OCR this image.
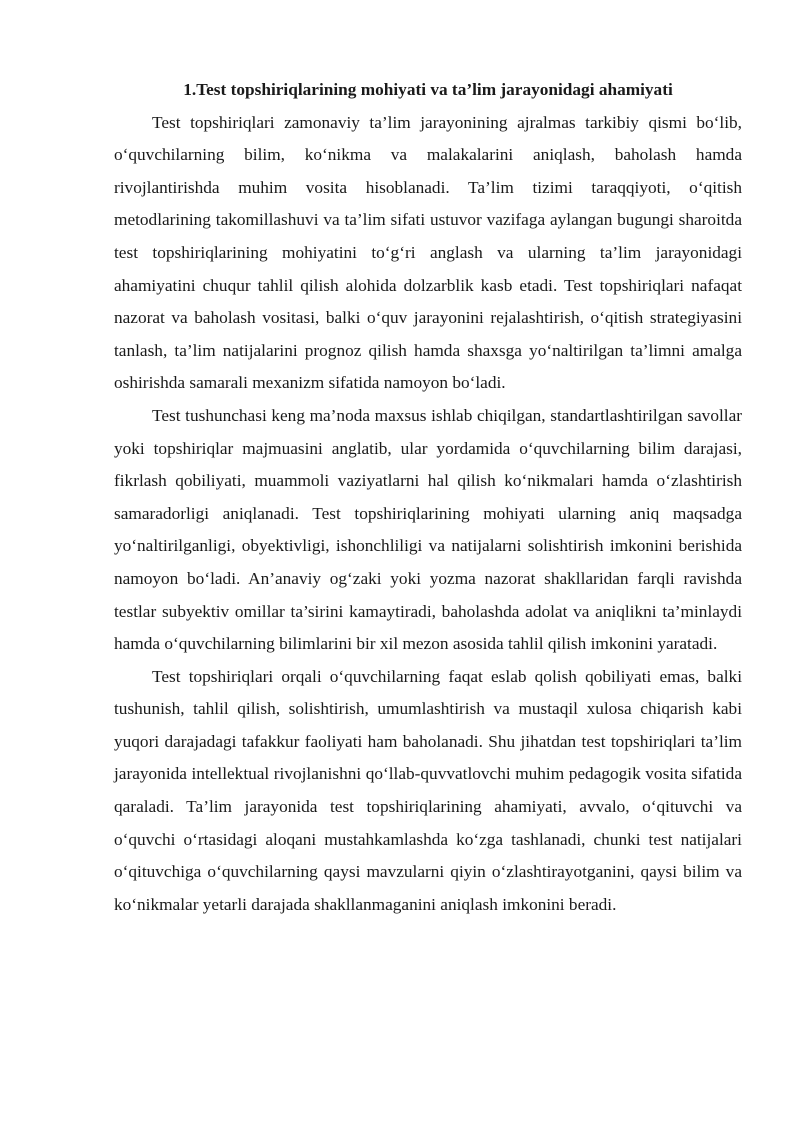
1.Test topshiriqlarining mohiyati va ta’lim jarayonidagi ahamiyati

Test topshiriqlari zamonaviy ta’lim jarayonining ajralmas tarkibiy qismi bo‘lib, o‘quvchilarning bilim, ko‘nikma va malakalarini aniqlash, baholash hamda rivojlantirishda muhim vosita hisoblanadi. Ta’lim tizimi taraqqiyoti, o‘qitish metodlarining takomillashuvi va ta’lim sifati ustuvor vazifaga aylangan bugungi sharoitda test topshiriqlarining mohiyatini to‘g‘ri anglash va ularning ta’lim jarayonidagi ahamiyatini chuqur tahlil qilish alohida dolzarblik kasb etadi. Test topshiriqlari nafaqat nazorat va baholash vositasi, balki o‘quv jarayonini rejalashtirish, o‘qitish strategiyasini tanlash, ta’lim natijalarini prognoz qilish hamda shaxsga yo‘naltirilgan ta’limni amalga oshirishda samarali mexanizm sifatida namoyon bo‘ladi.

Test tushunchasi keng ma’noda maxsus ishlab chiqilgan, standartlashtirilgan savollar yoki topshiriqlar majmuasini anglatib, ular yordamida o‘quvchilarning bilim darajasi, fikrlash qobiliyati, muammoli vaziyatlarni hal qilish ko‘nikmalari hamda o‘zlashtirish samaradorligi aniqlanadi. Test topshiriqlarining mohiyati ularning aniq maqsadga yo‘naltirilganligi, obyektivligi, ishonchliligi va natijalarni solishtirish imkonini berishida namoyon bo‘ladi. An’anaviy og‘zaki yoki yozma nazorat shakllaridan farqli ravishda testlar subyektiv omillar ta’sirini kamaytiradi, baholashda adolat va aniqlikni ta’minlaydi hamda o‘quvchilarning bilimlarini bir xil mezon asosida tahlil qilish imkonini yaratadi.

Test topshiriqlari orqali o‘quvchilarning faqat eslab qolish qobiliyati emas, balki tushunish, tahlil qilish, solishtirish, umumlashtirish va mustaqil xulosa chiqarish kabi yuqori darajadagi tafakkur faoliyati ham baholanadi. Shu jihatdan test topshiriqlari ta’lim jarayonida intellektual rivojlanishni qo‘llab-quvvatlovchi muhim pedagogik vosita sifatida qaraladi. Ta’lim jarayonida test topshiriqlarining ahamiyati, avvalo, o‘qituvchi va o‘quvchi o‘rtasidagi aloqani mustahkamlashda ko‘zga tashlanadi, chunki test natijalari o‘qituvchiga o‘quvchilarning qaysi mavzularni qiyin o‘zlashtirayotganini, qaysi bilim va ko‘nikmalar yetarli darajada shakllanmaganini aniqlash imkonini beradi.
